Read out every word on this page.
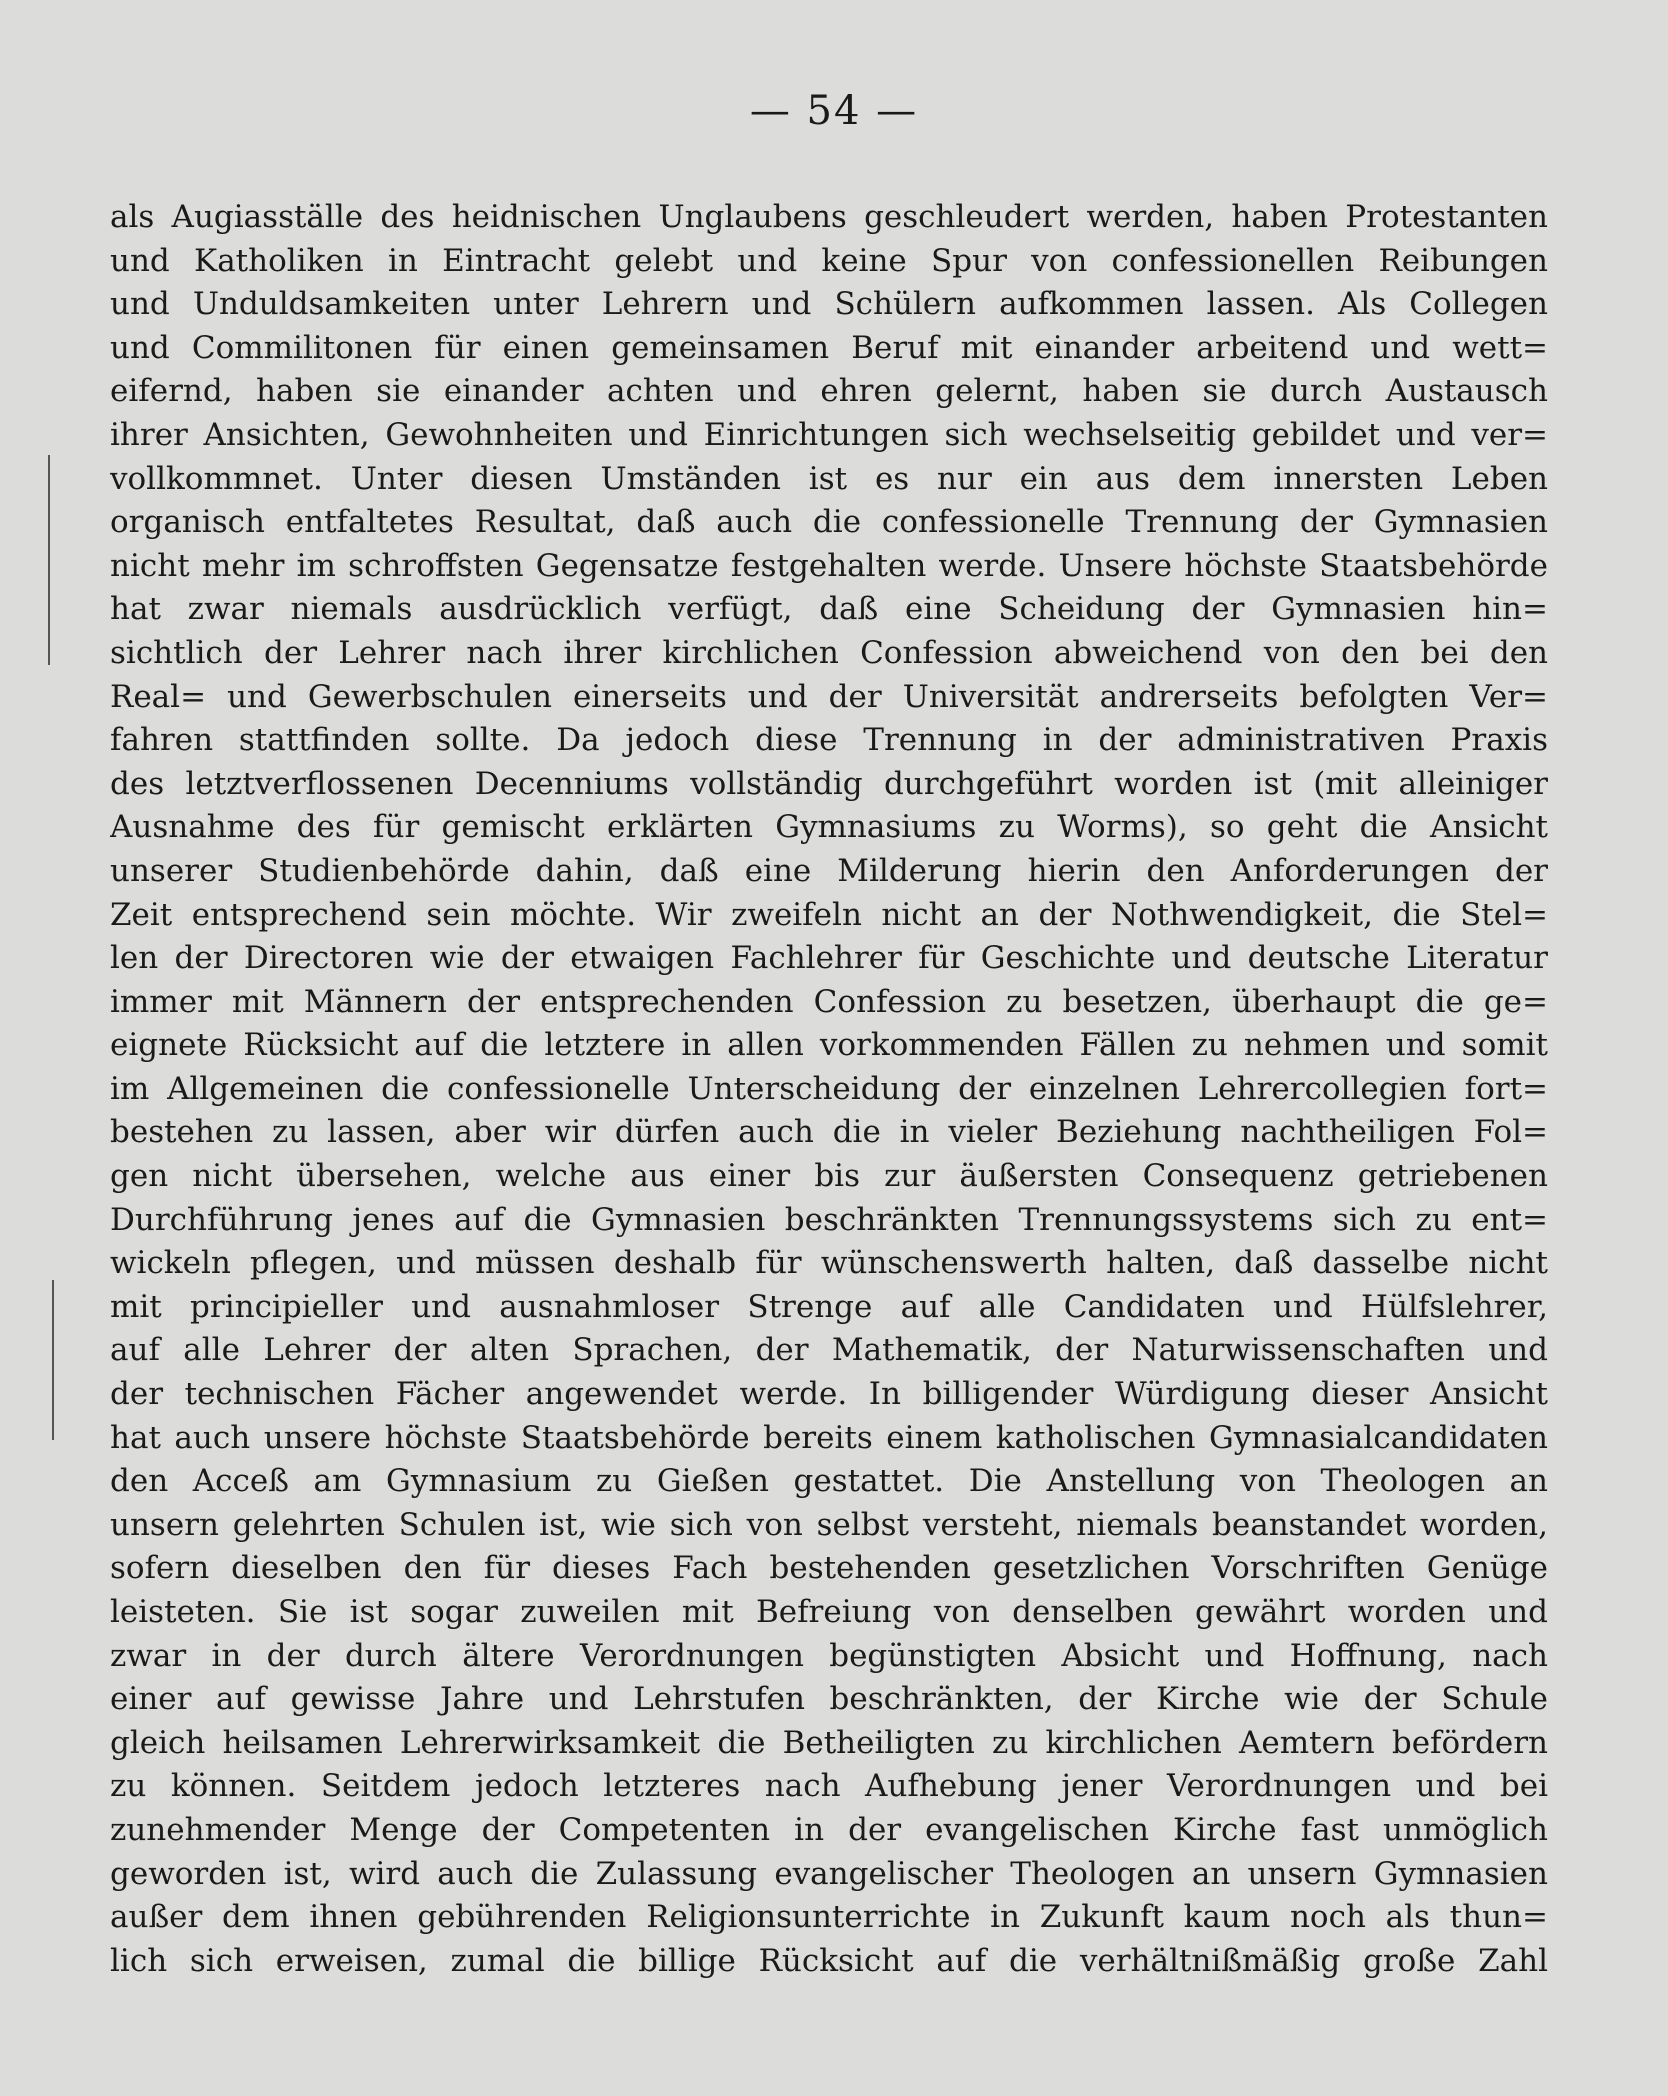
— 54 —
als Augiasställe des heidnischen Unglaubens geschleudert werden, haben Protestanten
und Katholiken in Eintracht gelebt und keine Spur von confessionellen Reibungen
und Unduldsamkeiten unter Lehrern und Schülern aufkommen lassen. Als Collegen
und Commilitonen für einen gemeinsamen Beruf mit einander arbeitend und wett=
eifernd, haben sie einander achten und ehren gelernt, haben sie durch Austausch
ihrer Ansichten, Gewohnheiten und Einrichtungen sich wechselseitig gebildet und ver=
vollkommnet. Unter diesen Umständen ist es nur ein aus dem innersten Leben
organisch entfaltetes Resultat, daß auch die confessionelle Trennung der Gymnasien
nicht mehr im schroffsten Gegensatze festgehalten werde. Unsere höchste Staatsbehörde
hat zwar niemals ausdrücklich verfügt, daß eine Scheidung der Gymnasien hin=
sichtlich der Lehrer nach ihrer kirchlichen Confession abweichend von den bei den
Real= und Gewerbschulen einerseits und der Universität andrerseits befolgten Ver=
fahren stattfinden sollte. Da jedoch diese Trennung in der administrativen Praxis
des letztverflossenen Decenniums vollständig durchgeführt worden ist (mit alleiniger
Ausnahme des für gemischt erklärten Gymnasiums zu Worms), so geht die Ansicht
unserer Studienbehörde dahin, daß eine Milderung hierin den Anforderungen der
Zeit entsprechend sein möchte. Wir zweifeln nicht an der Nothwendigkeit, die Stel=
len der Directoren wie der etwaigen Fachlehrer für Geschichte und deutsche Literatur
immer mit Männern der entsprechenden Confession zu besetzen, überhaupt die ge=
eignete Rücksicht auf die letztere in allen vorkommenden Fällen zu nehmen und somit
im Allgemeinen die confessionelle Unterscheidung der einzelnen Lehrercollegien fort=
bestehen zu lassen, aber wir dürfen auch die in vieler Beziehung nachtheiligen Fol=
gen nicht übersehen, welche aus einer bis zur äußersten Consequenz getriebenen
Durchführung jenes auf die Gymnasien beschränkten Trennungssystems sich zu ent=
wickeln pflegen, und müssen deshalb für wünschenswerth halten, daß dasselbe nicht
mit principieller und ausnahmloser Strenge auf alle Candidaten und Hülfslehrer,
auf alle Lehrer der alten Sprachen, der Mathematik, der Naturwissenschaften und
der technischen Fächer angewendet werde. In billigender Würdigung dieser Ansicht
hat auch unsere höchste Staatsbehörde bereits einem katholischen Gymnasialcandidaten
den Acceß am Gymnasium zu Gießen gestattet. Die Anstellung von Theologen an
unsern gelehrten Schulen ist, wie sich von selbst versteht, niemals beanstandet worden,
sofern dieselben den für dieses Fach bestehenden gesetzlichen Vorschriften Genüge
leisteten. Sie ist sogar zuweilen mit Befreiung von denselben gewährt worden und
zwar in der durch ältere Verordnungen begünstigten Absicht und Hoffnung, nach
einer auf gewisse Jahre und Lehrstufen beschränkten, der Kirche wie der Schule
gleich heilsamen Lehrerwirksamkeit die Betheiligten zu kirchlichen Aemtern befördern
zu können. Seitdem jedoch letzteres nach Aufhebung jener Verordnungen und bei
zunehmender Menge der Competenten in der evangelischen Kirche fast unmöglich
geworden ist, wird auch die Zulassung evangelischer Theologen an unsern Gymnasien
außer dem ihnen gebührenden Religionsunterrichte in Zukunft kaum noch als thun=
lich sich erweisen, zumal die billige Rücksicht auf die verhältnißmäßig große Zahl
